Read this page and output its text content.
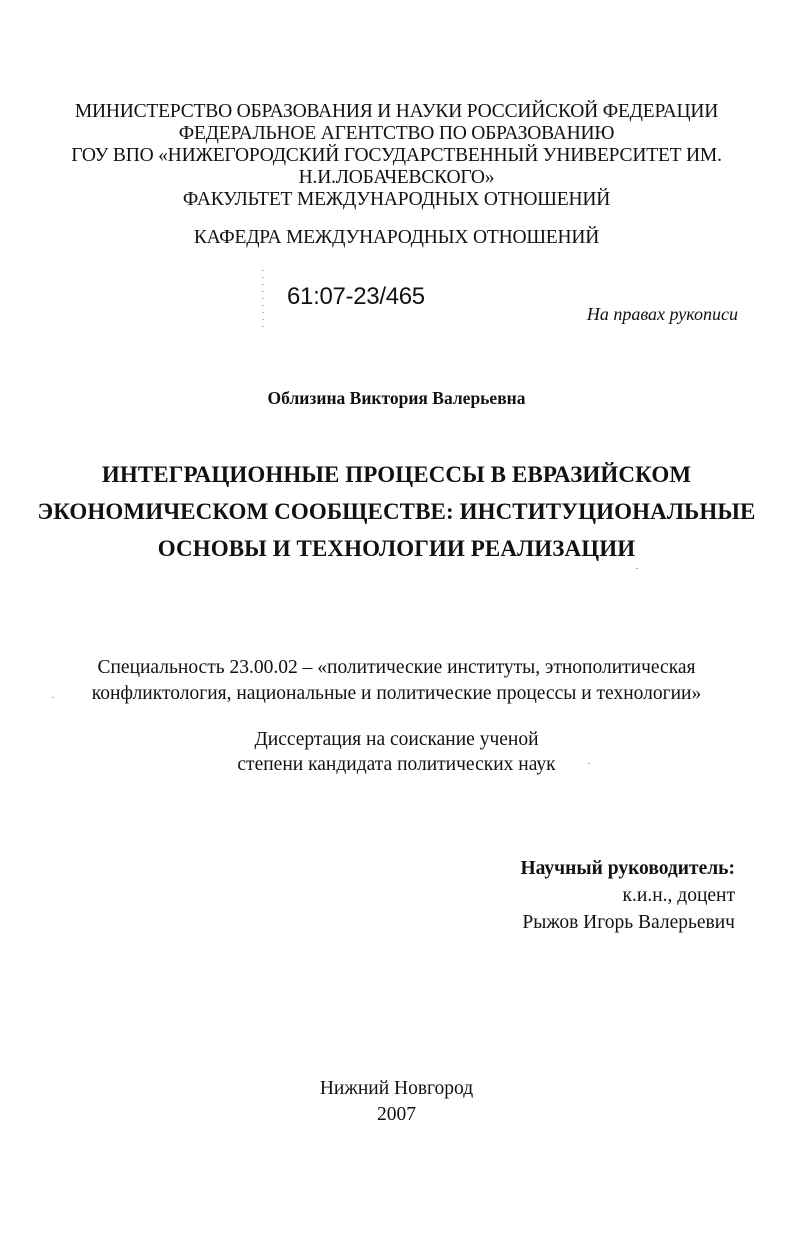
МИНИСТЕРСТВО ОБРАЗОВАНИЯ И НАУКИ РОССИЙСКОЙ ФЕДЕРАЦИИ
ФЕДЕРАЛЬНОЕ АГЕНТСТВО ПО ОБРАЗОВАНИЮ
ГОУ ВПО «НИЖЕГОРОДСКИЙ ГОСУДАРСТВЕННЫЙ УНИВЕРСИТЕТ ИМ.
Н.И.ЛОБАЧЕВСКОГО»
ФАКУЛЬТЕТ МЕЖДУНАРОДНЫХ ОТНОШЕНИЙ
КАФЕДРА МЕЖДУНАРОДНЫХ ОТНОШЕНИЙ
61:07-23/465
На правах рукописи
Облизина Виктория Валерьевна
ИНТЕГРАЦИОННЫЕ ПРОЦЕССЫ В ЕВРАЗИЙСКОМ
ЭКОНОМИЧЕСКОМ СООБЩЕСТВЕ: ИНСТИТУЦИОНАЛЬНЫЕ
ОСНОВЫ И ТЕХНОЛОГИИ РЕАЛИЗАЦИИ
Специальность 23.00.02 – «политические институты, этнополитическая
конфликтология, национальные и политические процессы и технологии»
Диссертация на соискание ученой
степени кандидата политических наук
Научный руководитель:
к.и.н., доцент
Рыжов Игорь Валерьевич
Нижний Новгород
2007
